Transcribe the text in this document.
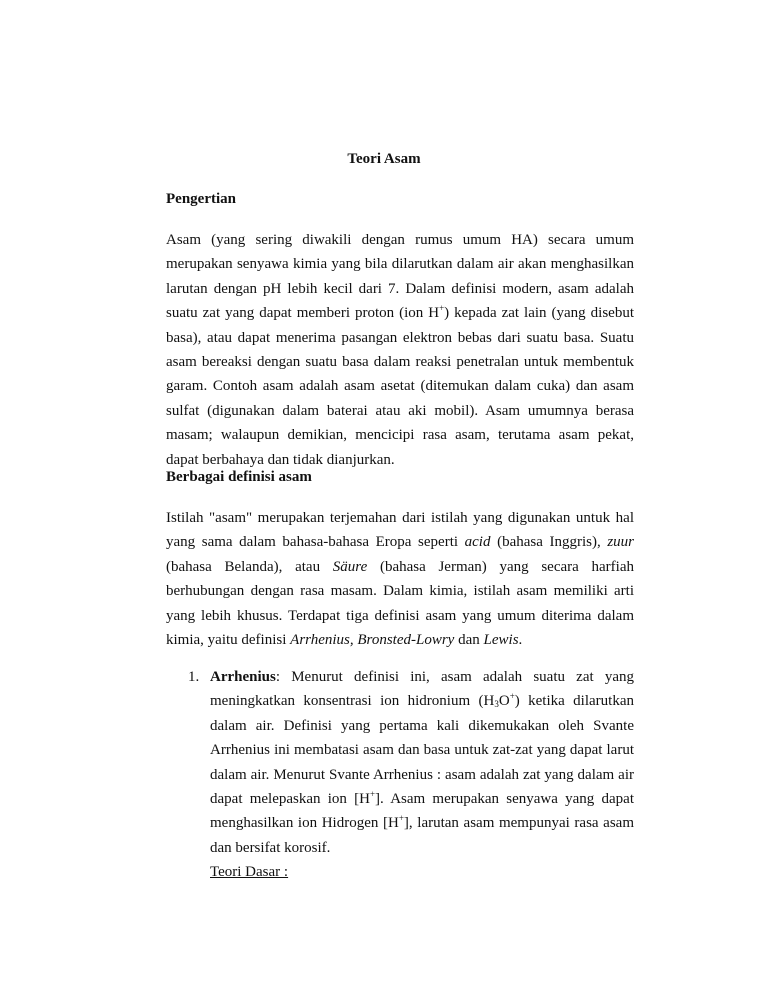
Teori Asam
Pengertian

Asam (yang sering diwakili dengan rumus umum HA) secara umum merupakan senyawa kimia yang bila dilarutkan dalam air akan menghasilkan larutan dengan pH lebih kecil dari 7. Dalam definisi modern, asam adalah suatu zat yang dapat memberi proton (ion H+) kepada zat lain (yang disebut basa), atau dapat menerima pasangan elektron bebas dari suatu basa. Suatu asam bereaksi dengan suatu basa dalam reaksi penetralan untuk membentuk garam. Contoh asam adalah asam asetat (ditemukan dalam cuka) dan asam sulfat (digunakan dalam baterai atau aki mobil). Asam umumnya berasa masam; walaupun demikian, mencicipi rasa asam, terutama asam pekat, dapat berbahaya dan tidak dianjurkan.

Berbagai definisi asam

Istilah "asam" merupakan terjemahan dari istilah yang digunakan untuk hal yang sama dalam bahasa-bahasa Eropa seperti acid (bahasa Inggris), zuur (bahasa Belanda), atau Säure (bahasa Jerman) yang secara harfiah berhubungan dengan rasa masam. Dalam kimia, istilah asam memiliki arti yang lebih khusus. Terdapat tiga definisi asam yang umum diterima dalam kimia, yaitu definisi Arrhenius, Bronsted-Lowry dan Lewis.

1. Arrhenius: Menurut definisi ini, asam adalah suatu zat yang meningkatkan konsentrasi ion hidronium $(H_3O^+)$ ketika dilarutkan dalam air. Definisi yang pertama kali dikemukakan oleh Svante Arrhenius ini membatasi asam dan basa untuk zat-zat yang dapat larut dalam air. Menurut Svante Arrhenius : asam adalah zat yang dalam air dapat melepaskan ion [H+]. Asam merupakan senyawa yang dapat menghasilkan ion Hidrogen [H+], larutan asam mempunyai rasa asam dan bersifat korosif.
Teori Dasar :
